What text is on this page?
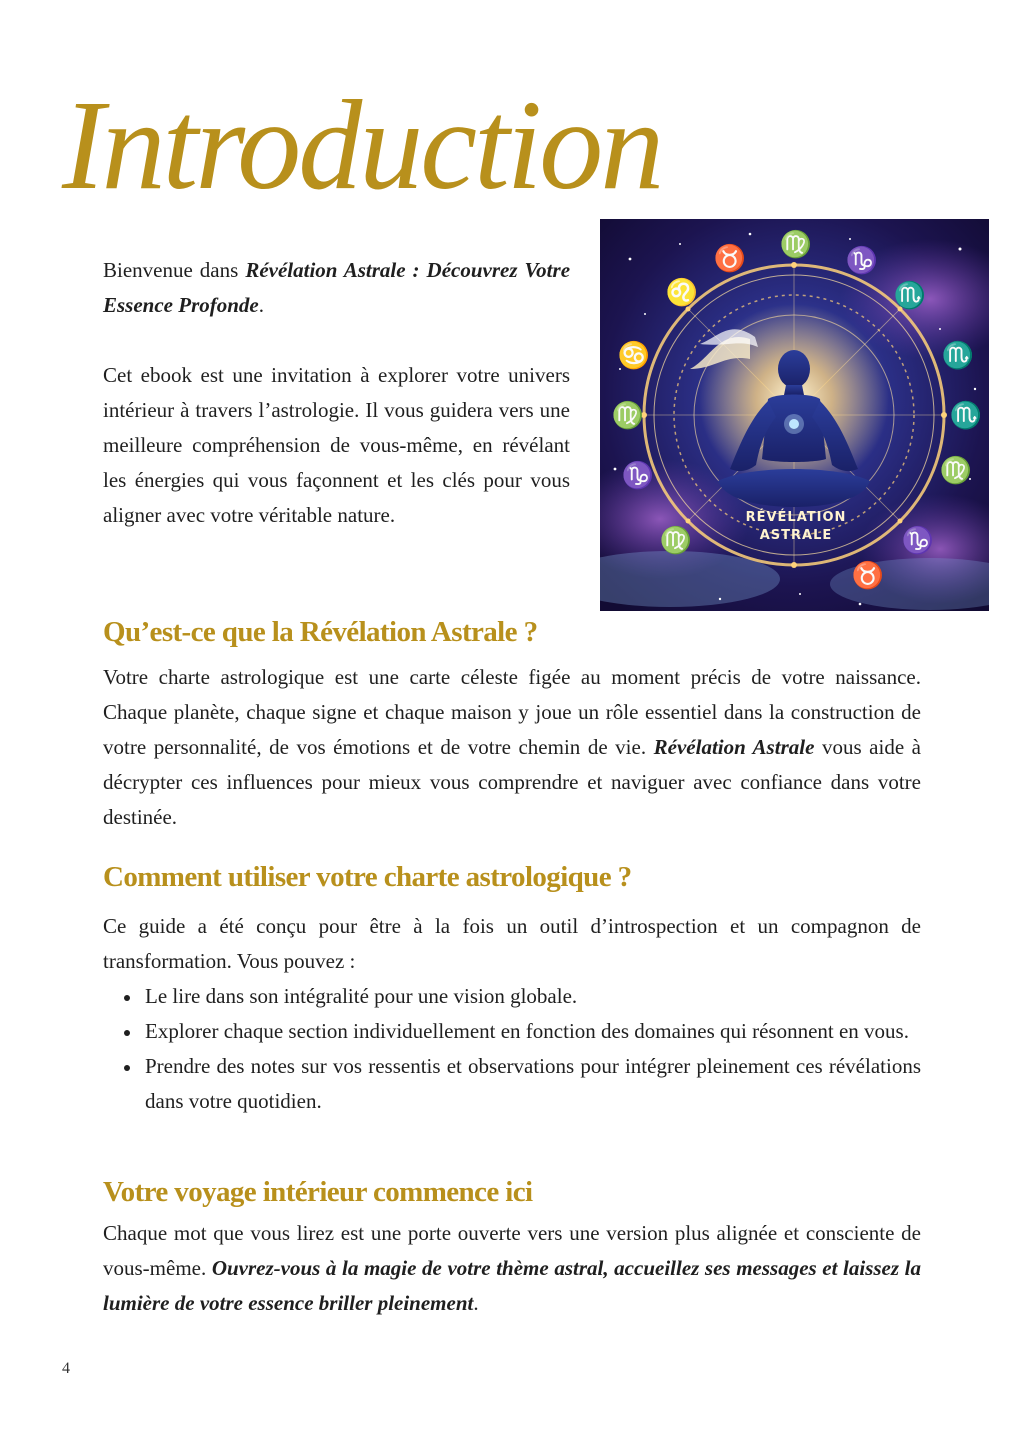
Introduction

Bienvenue dans Révélation Astrale : Découvrez Votre Essence Profonde.

Cet ebook est une invitation à explorer votre univers intérieur à travers l’astrologie. Il vous guidera vers une meilleure compréhension de vous-même, en révélant les énergies qui vous façonnent et les clés pour vous aligner avec votre véritable nature.

♉ ♍
♑
♏
♌
♋	♏
♍	♏
♑	♍
♍	♑
♉
RÉVÉLATION
ASTRALE
Qu’est-ce que la Révélation Astrale ?

Votre charte astrologique est une carte céleste figée au moment précis de votre naissance. Chaque planète, chaque signe et chaque maison y joue un rôle essentiel dans la construction de votre personnalité, de vos émotions et de votre chemin de vie. Révélation Astrale vous aide à décrypter ces influences pour mieux vous comprendre et naviguer avec confiance dans votre destinée.

Comment utiliser votre charte astrologique ?

Ce guide a été conçu pour être à la fois un outil d’introspection et un compagnon de transformation. Vous pouvez :

Le lire dans son intégralité pour une vision globale.
Explorer chaque section individuellement en fonction des domaines qui résonnent en vous.
Prendre des notes sur vos ressentis et observations pour intégrer pleinement ces révélations dans votre quotidien.
Votre voyage intérieur commence ici

Chaque mot que vous lirez est une porte ouverte vers une version plus alignée et consciente de vous-même. Ouvrez-vous à la magie de votre thème astral, accueillez ses messages et laissez la lumière de votre essence briller pleinement.

4
